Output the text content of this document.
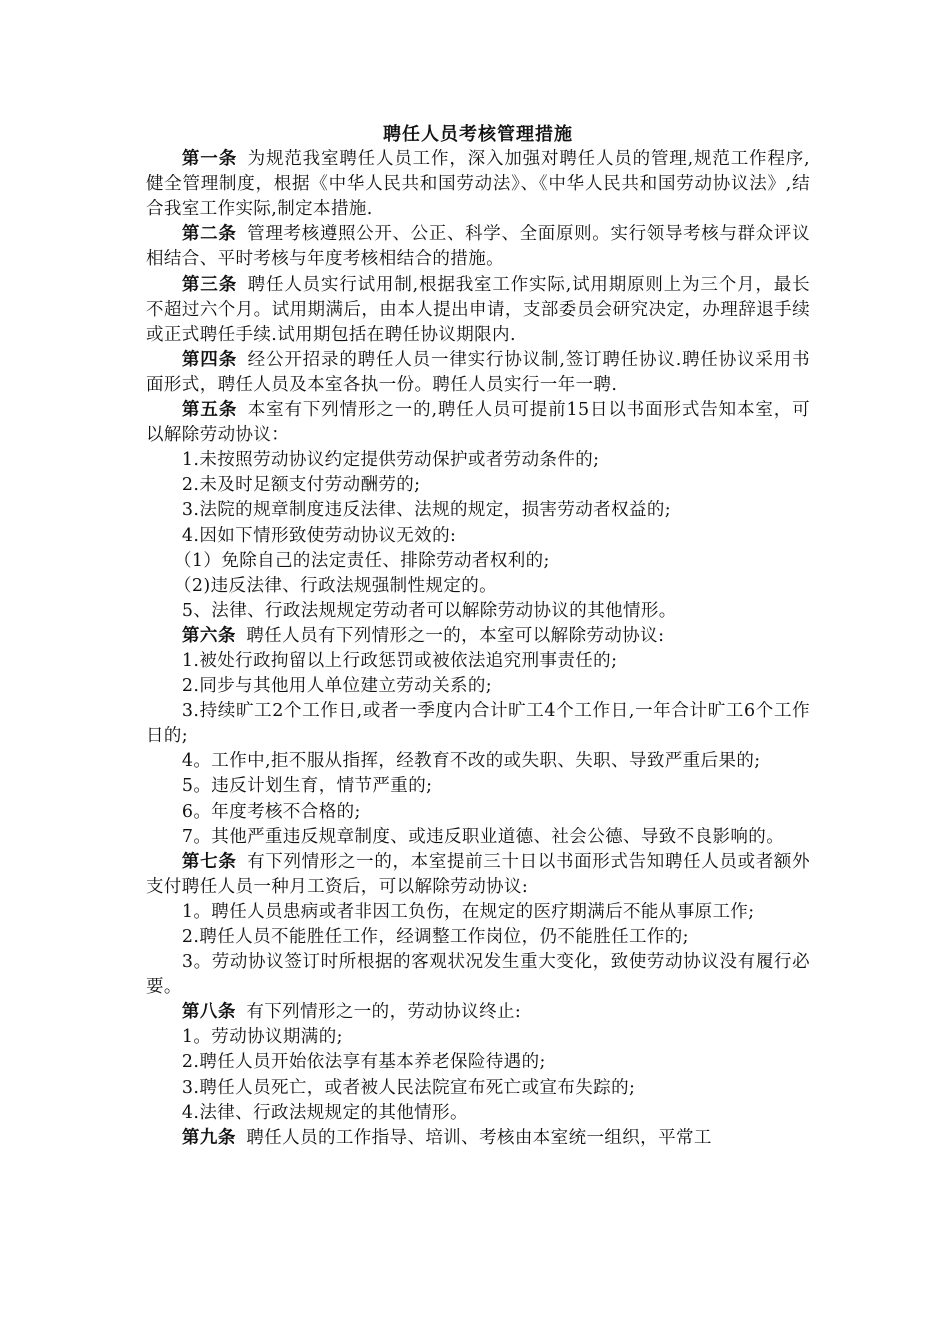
聘任人员考核管理措施

第一条 为规范我室聘任人员工作，深入加强对聘任人员的管理,规范工作程序,健全管理制度，根据《中华人民共和国劳动法》、《中华人民共和国劳动协议法》,结合我室工作实际,制定本措施.

第二条 管理考核遵照公开、公正、科学、全面原则。实行领导考核与群众评议相结合、平时考核与年度考核相结合的措施。

第三条 聘任人员实行试用制,根据我室工作实际,试用期原则上为三个月，最长不超过六个月。试用期满后，由本人提出申请，支部委员会研究决定，办理辞退手续或正式聘任手续.试用期包括在聘任协议期限内.

第四条 经公开招录的聘任人员一律实行协议制,签订聘任协议.聘任协议采用书面形式，聘任人员及本室各执一份。聘任人员实行一年一聘.

第五条 本室有下列情形之一的,聘任人员可提前15日以书面形式告知本室，可以解除劳动协议：

1.未按照劳动协议约定提供劳动保护或者劳动条件的;

2.未及时足额支付劳动酬劳的;

3.法院的规章制度违反法律、法规的规定，损害劳动者权益的;

4.因如下情形致使劳动协议无效的:

（1）免除自己的法定责任、排除劳动者权利的;

（2)违反法律、行政法规强制性规定的。

5、法律、行政法规规定劳动者可以解除劳动协议的其他情形。

第六条 聘任人员有下列情形之一的，本室可以解除劳动协议:

1.被处行政拘留以上行政惩罚或被依法追究刑事责任的;

2.同步与其他用人单位建立劳动关系的;

3.持续旷工2个工作日,或者一季度内合计旷工4个工作日,一年合计旷工6个工作日的;

4。工作中,拒不服从指挥，经教育不改的或失职、失职、导致严重后果的;

5。违反计划生育，情节严重的;

6。年度考核不合格的;

7。其他严重违反规章制度、或违反职业道德、社会公德、导致不良影响的。

第七条 有下列情形之一的，本室提前三十日以书面形式告知聘任人员或者额外支付聘任人员一种月工资后，可以解除劳动协议:

1。聘任人员患病或者非因工负伤，在规定的医疗期满后不能从事原工作;

2.聘任人员不能胜任工作，经调整工作岗位，仍不能胜任工作的;

3。劳动协议签订时所根据的客观状况发生重大变化，致使劳动协议没有履行必要。

第八条 有下列情形之一的，劳动协议终止:

1。劳动协议期满的;

2.聘任人员开始依法享有基本养老保险待遇的;

3.聘任人员死亡，或者被人民法院宣布死亡或宣布失踪的;

4.法律、行政法规规定的其他情形。

第九条 聘任人员的工作指导、培训、考核由本室统一组织，平常工
